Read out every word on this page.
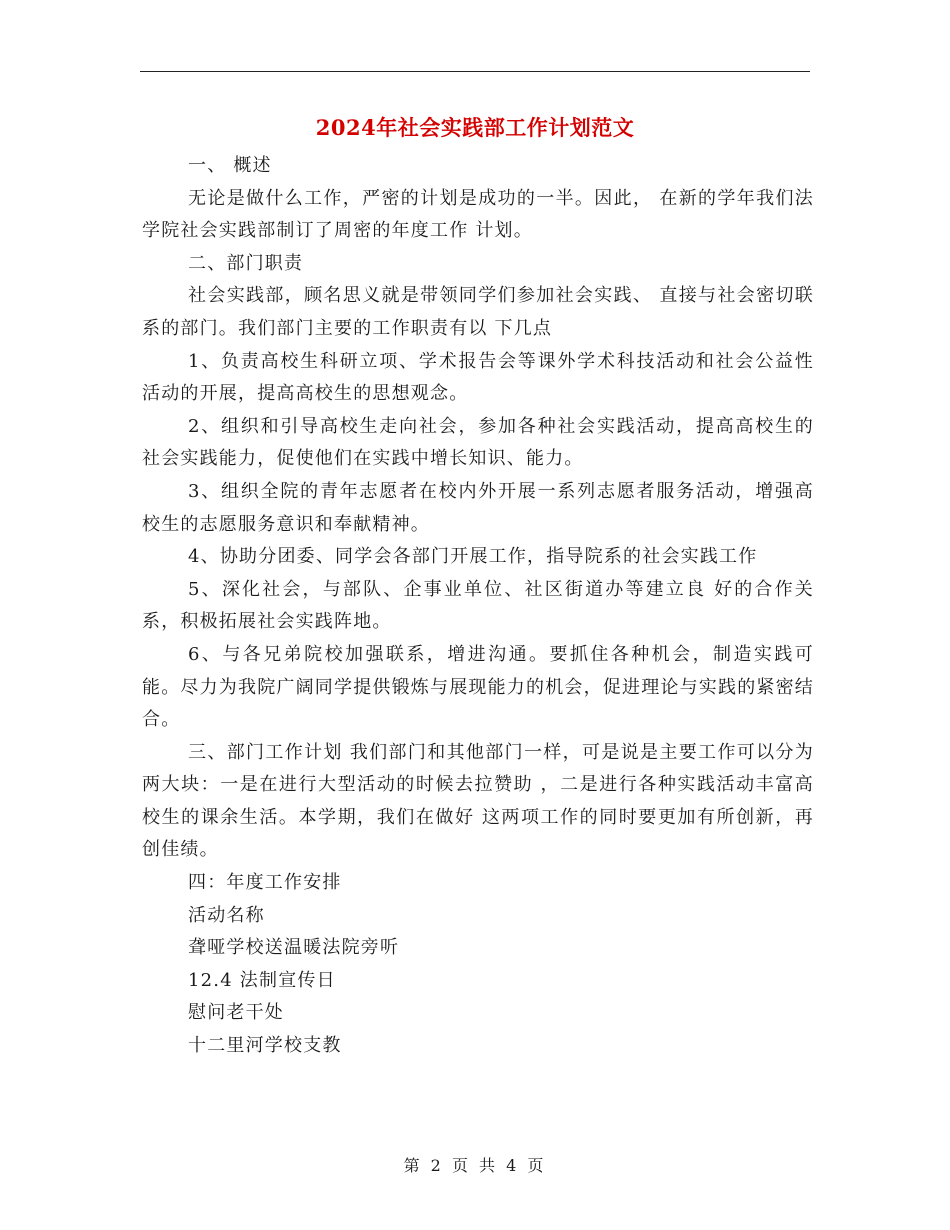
2024年社会实践部工作计划范文

一、 概述

无论是做什么工作，严密的计划是成功的一半。因此， 在新的学年我们法学院社会实践部制订了周密的年度工作 计划。

二、部门职责

社会实践部，顾名思义就是带领同学们参加社会实践、 直接与社会密切联系的部门。我们部门主要的工作职责有以 下几点

1、负责高校生科研立项、学术报告会等课外学术科技活动和社会公益性活动的开展，提高高校生的思想观念。

2、组织和引导高校生走向社会，参加各种社会实践活动，提高高校生的社会实践能力，促使他们在实践中增长知识、能力。

3、组织全院的青年志愿者在校内外开展一系列志愿者服务活动，增强高校生的志愿服务意识和奉献精神。

4、协助分团委、同学会各部门开展工作，指导院系的社会实践工作

5、深化社会，与部队、企事业单位、社区街道办等建立良 好的合作关系，积极拓展社会实践阵地。

6、与各兄弟院校加强联系，增进沟通。要抓住各种机会，制造实践可能。尽力为我院广阔同学提供锻炼与展现能力的机会，促进理论与实践的紧密结合。

三、部门工作计划 我们部门和其他部门一样，可是说是主要工作可以分为两大块：一是在进行大型活动的时候去拉赞助 ，二是进行各种实践活动丰富高校生的课余生活。本学期，我们在做好 这两项工作的同时要更加有所创新，再创佳绩。

四：年度工作安排

活动名称

聋哑学校送温暖法院旁听

12.4 法制宣传日

慰问老干处

十二里河学校支教

第 2 页 共 4 页
